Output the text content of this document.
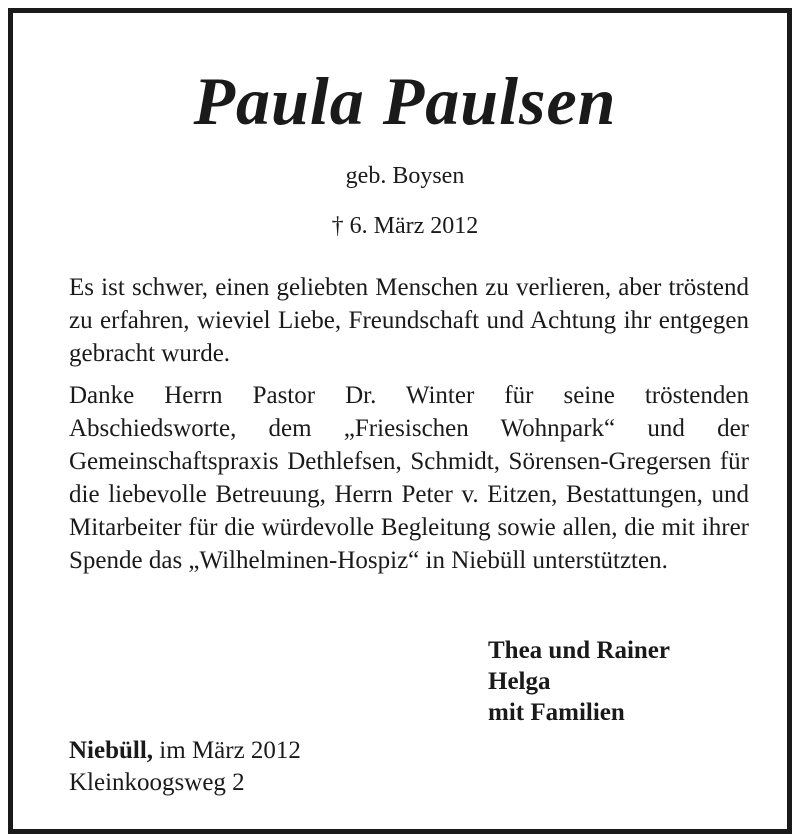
Paula Paulsen

geb. Boysen

† 6. März 2012

Es ist schwer, einen geliebten Menschen zu verlieren, aber tröstend zu erfahren, wieviel Liebe, Freundschaft und Achtung ihr entgegen gebracht wurde.

Danke Herrn Pastor Dr. Winter für seine tröstenden Abschiedsworte, dem „Friesischen Wohnpark“ und der Gemeinschaftspraxis Dethlefsen, Schmidt, Sörensen-Gregersen für die liebevolle Betreuung, Herrn Peter v. Eitzen, Bestattungen, und Mitarbeiter für die würdevolle Begleitung sowie allen, die mit ihrer Spende das „Wilhelminen-Hospiz“ in Niebüll unterstützten.

Thea und Rainer
Helga
mit Familien
Niebüll, im März 2012
Kleinkoogsweg 2
